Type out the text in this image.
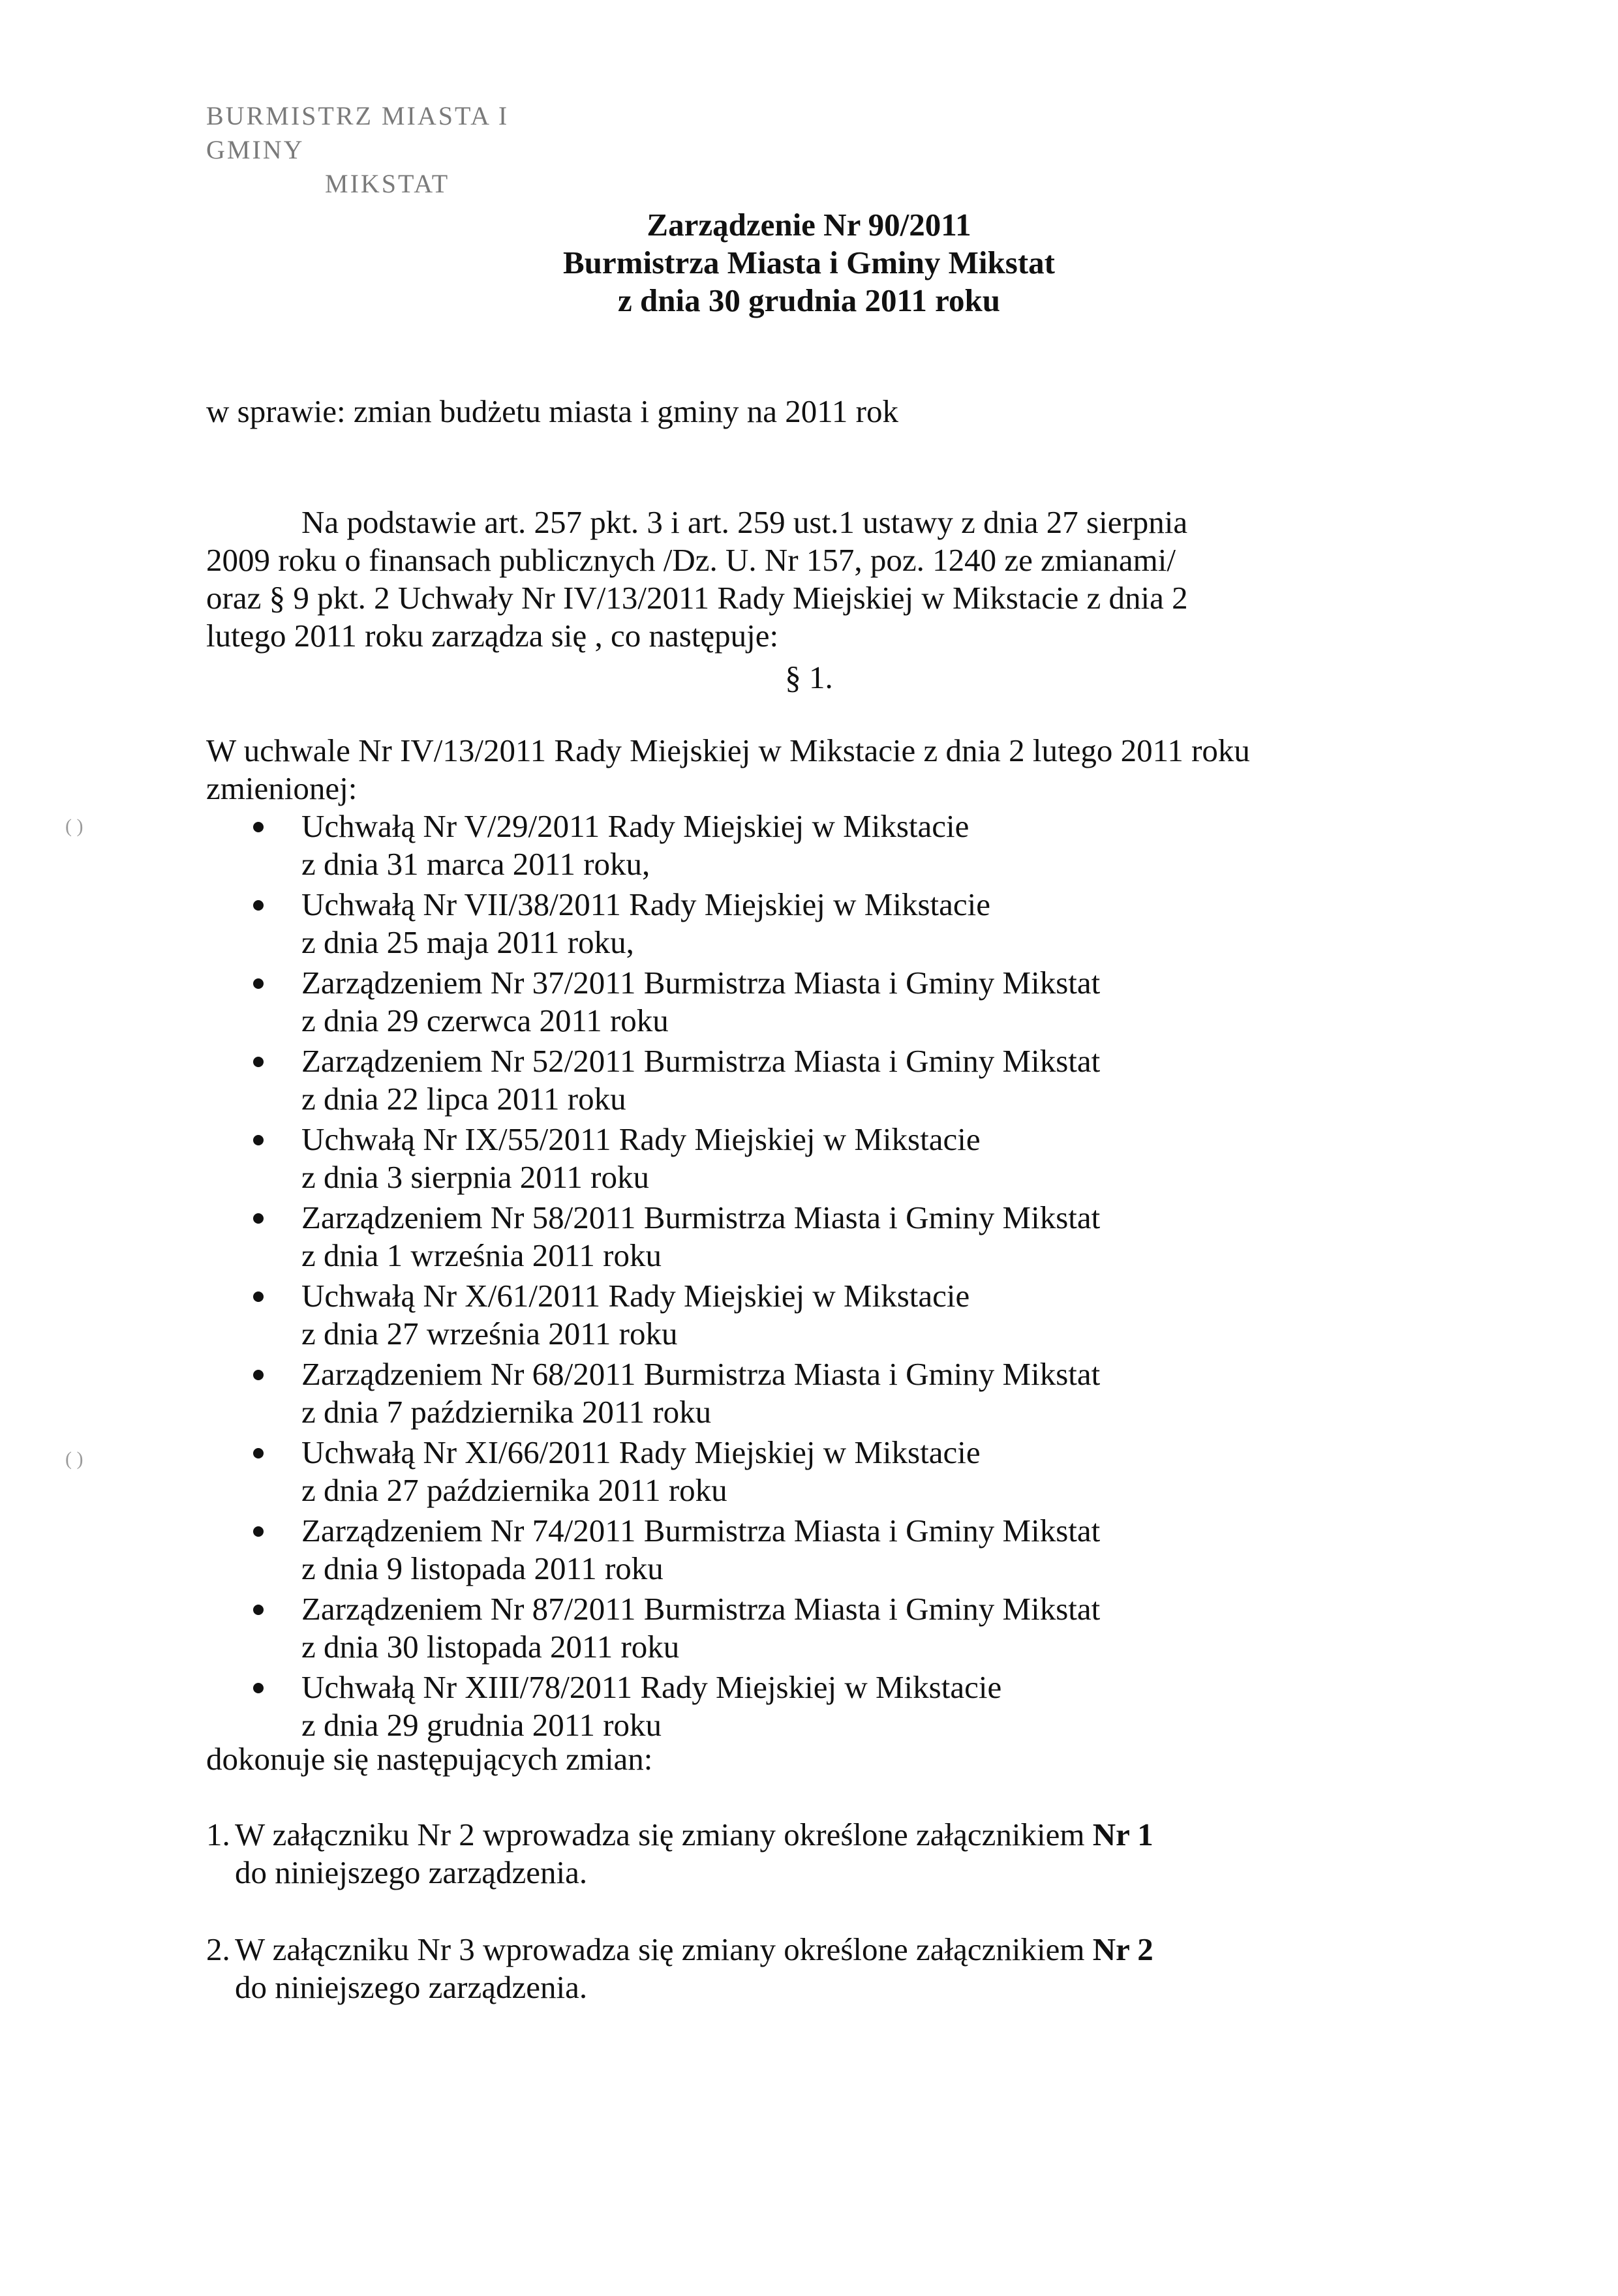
BURMISTRZ MIASTA I GMINY
MIKSTAT
Zarządzenie Nr 90/2011
Burmistrza Miasta i Gminy Mikstat
z dnia 30 grudnia 2011 roku
w sprawie: zmian budżetu miasta i gminy na 2011 rok
Na podstawie art. 257 pkt. 3 i art. 259 ust.1 ustawy z dnia 27 sierpnia 2009 roku o finansach publicznych /Dz. U. Nr 157, poz. 1240 ze zmianami/ oraz § 9 pkt. 2 Uchwały Nr IV/13/2011 Rady Miejskiej w Mikstacie z dnia 2 lutego 2011 roku zarządza się , co następuje:
§ 1.
W uchwale Nr IV/13/2011 Rady Miejskiej w Mikstacie z dnia 2 lutego 2011 roku zmienionej:
Uchwałą Nr V/29/2011 Rady Miejskiej w Mikstacie
z dnia 31 marca 2011 roku,
Uchwałą Nr VII/38/2011 Rady Miejskiej w Mikstacie
z dnia 25 maja 2011 roku,
Zarządzeniem Nr 37/2011 Burmistrza Miasta i Gminy Mikstat
z dnia 29 czerwca 2011 roku
Zarządzeniem Nr 52/2011 Burmistrza Miasta i Gminy Mikstat
z dnia 22 lipca 2011 roku
Uchwałą Nr IX/55/2011 Rady Miejskiej w Mikstacie
z dnia 3 sierpnia 2011 roku
Zarządzeniem Nr 58/2011 Burmistrza Miasta i Gminy Mikstat
z dnia 1 września 2011 roku
Uchwałą Nr X/61/2011 Rady Miejskiej w Mikstacie
z dnia 27 września 2011 roku
Zarządzeniem Nr 68/2011 Burmistrza Miasta i Gminy Mikstat
z dnia 7 października 2011 roku
Uchwałą Nr XI/66/2011 Rady Miejskiej w Mikstacie
z dnia 27 października 2011 roku
Zarządzeniem Nr 74/2011 Burmistrza Miasta i Gminy Mikstat
z dnia 9 listopada 2011 roku
Zarządzeniem Nr 87/2011 Burmistrza Miasta i Gminy Mikstat
z dnia 30 listopada 2011 roku
Uchwałą Nr XIII/78/2011 Rady Miejskiej w Mikstacie
z dnia 29 grudnia 2011 roku
dokonuje się następujących zmian:
1. W załączniku Nr 2 wprowadza się zmiany określone załącznikiem Nr 1
do niniejszego zarządzenia.
2. W załączniku Nr 3 wprowadza się zmiany określone załącznikiem Nr 2
do niniejszego zarządzenia.
( )
( )
